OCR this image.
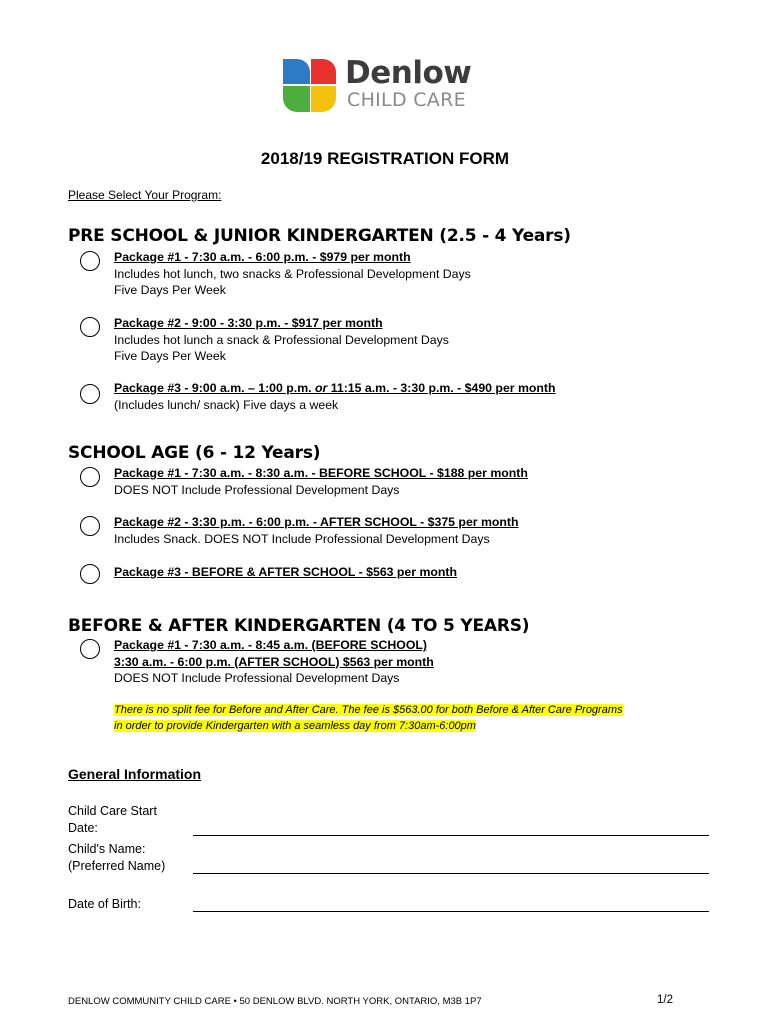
Denlow
CHILD CARE
2018/19 REGISTRATION FORM
Please Select Your Program:
PRE SCHOOL & JUNIOR KINDERGARTEN (2.5 - 4 Years)
Package #1 - 7:30 a.m. - 6:00 p.m. - $979 per month
Includes hot lunch, two snacks & Professional Development Days
Five Days Per Week
Package #2 - 9:00 - 3:30 p.m. - $917 per month
Includes hot lunch a snack & Professional Development Days
Five Days Per Week
Package #3 - 9:00 a.m. – 1:00 p.m. or 11:15 a.m. - 3:30 p.m. - $490 per month
(Includes lunch/ snack) Five days a week
SCHOOL AGE (6 - 12 Years)
Package #1 - 7:30 a.m. - 8:30 a.m. - BEFORE SCHOOL - $188 per month
DOES NOT Include Professional Development Days
Package #2 - 3:30 p.m. - 6:00 p.m. - AFTER SCHOOL - $375 per month
Includes Snack. DOES NOT Include Professional Development Days
Package #3 - BEFORE & AFTER SCHOOL - $563 per month
BEFORE & AFTER KINDERGARTEN (4 TO 5 YEARS)
Package #1 - 7:30 a.m. - 8:45 a.m. (BEFORE SCHOOL)
3:30 a.m. - 6:00 p.m. (AFTER SCHOOL) $563 per month
DOES NOT Include Professional Development Days
There is no split fee for Before and After Care. The fee is $563.00 for both Before & After Care Programs
in order to provide Kindergarten with a seamless day from 7:30am-6:00pm
General Information
Child Care Start
Date:
Child's Name:
(Preferred Name)
Date of Birth:
DENLOW COMMUNITY CHILD CARE • 50 DENLOW BLVD. NORTH YORK, ONTARIO, M3B 1P7	1/2
